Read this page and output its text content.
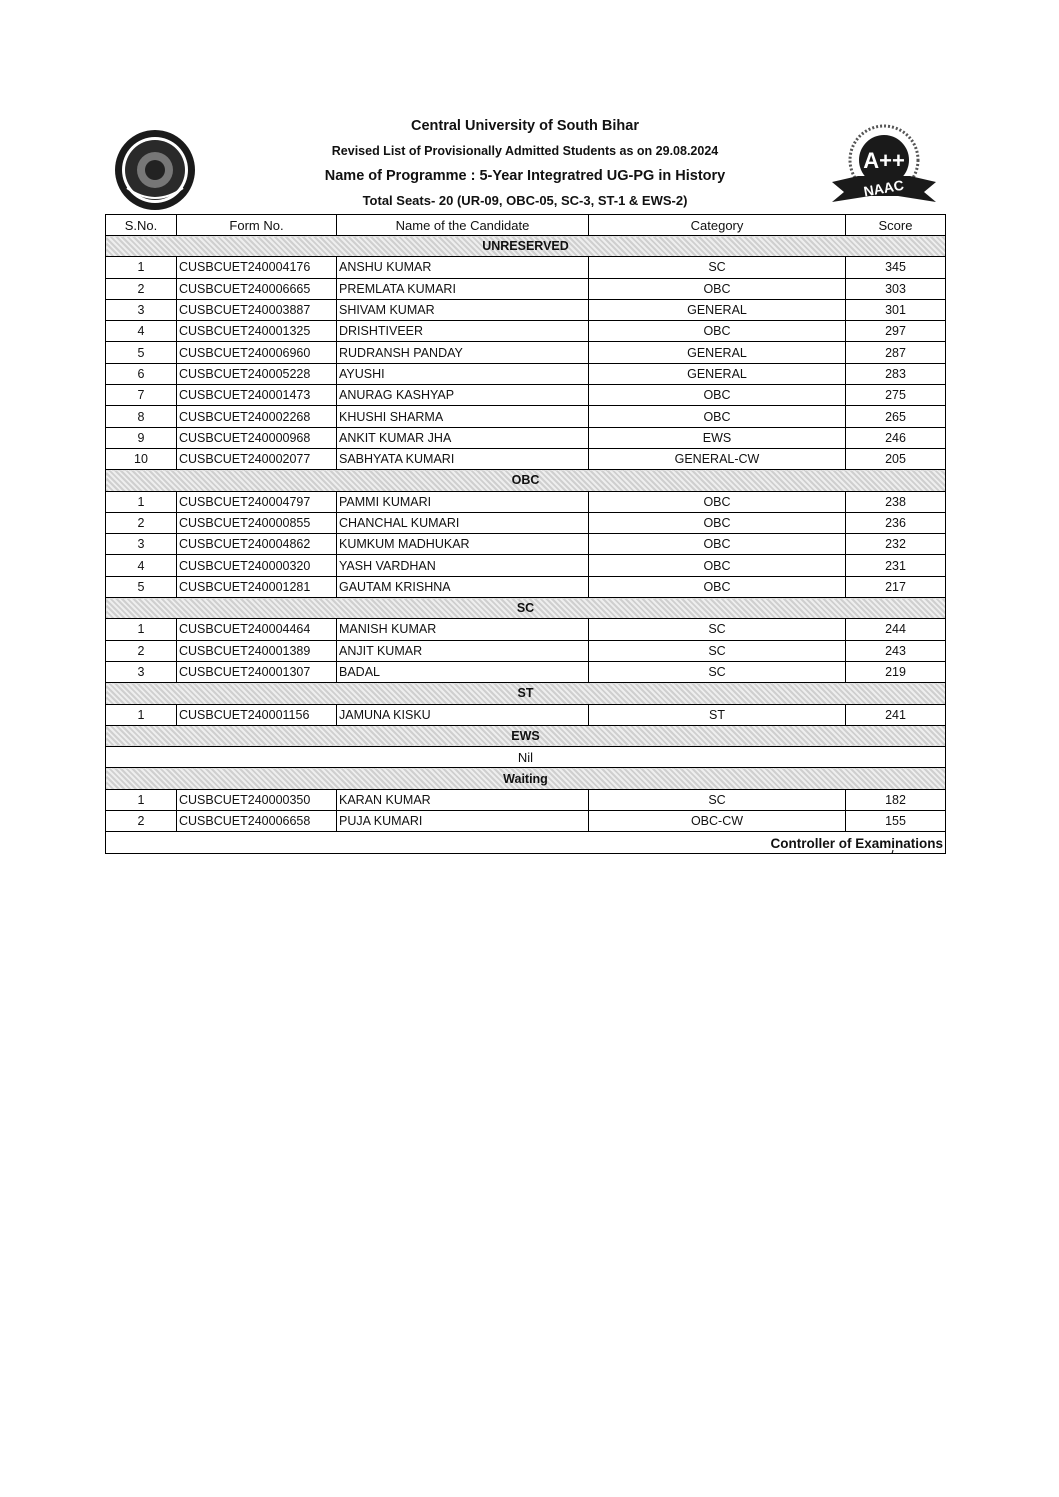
A++
NAAC
Central University of South Bihar
Revised List of Provisionally Admitted Students as on 29.08.2024
Name of Programme : 5-Year Integratred UG-PG in History
Total Seats- 20 (UR-09, OBC-05, SC-3, ST-1 & EWS-2)
S.No.	Form No.	Name of the Candidate	Category	Score
UNRESERVED				
1	CUSBCUET240004176	ANSHU KUMAR	SC	345
2	CUSBCUET240006665	PREMLATA KUMARI	OBC	303
3	CUSBCUET240003887	SHIVAM KUMAR	GENERAL	301
4	CUSBCUET240001325	DRISHTIVEER	OBC	297
5	CUSBCUET240006960	RUDRANSH PANDAY	GENERAL	287
6	CUSBCUET240005228	AYUSHI	GENERAL	283
7	CUSBCUET240001473	ANURAG KASHYAP	OBC	275
8	CUSBCUET240002268	KHUSHI SHARMA	OBC	265
9	CUSBCUET240000968	ANKIT KUMAR JHA	EWS	246
10	CUSBCUET240002077	SABHYATA KUMARI	GENERAL-CW	205
OBC				
1	CUSBCUET240004797	PAMMI KUMARI	OBC	238
2	CUSBCUET240000855	CHANCHAL KUMARI	OBC	236
3	CUSBCUET240004862	KUMKUM MADHUKAR	OBC	232
4	CUSBCUET240000320	YASH VARDHAN	OBC	231
5	CUSBCUET240001281	GAUTAM KRISHNA	OBC	217
SC				
1	CUSBCUET240004464	MANISH KUMAR	SC	244
2	CUSBCUET240001389	ANJIT KUMAR	SC	243
3	CUSBCUET240001307	BADAL	SC	219
ST				
1	CUSBCUET240001156	JAMUNA KISKU	ST	241
EWS				
Nil				
Waiting				
1	CUSBCUET240000350	KARAN KUMAR	SC	182
2	CUSBCUET240006658	PUJA KUMARI	OBC-CW	155

Controller of Examinations				
